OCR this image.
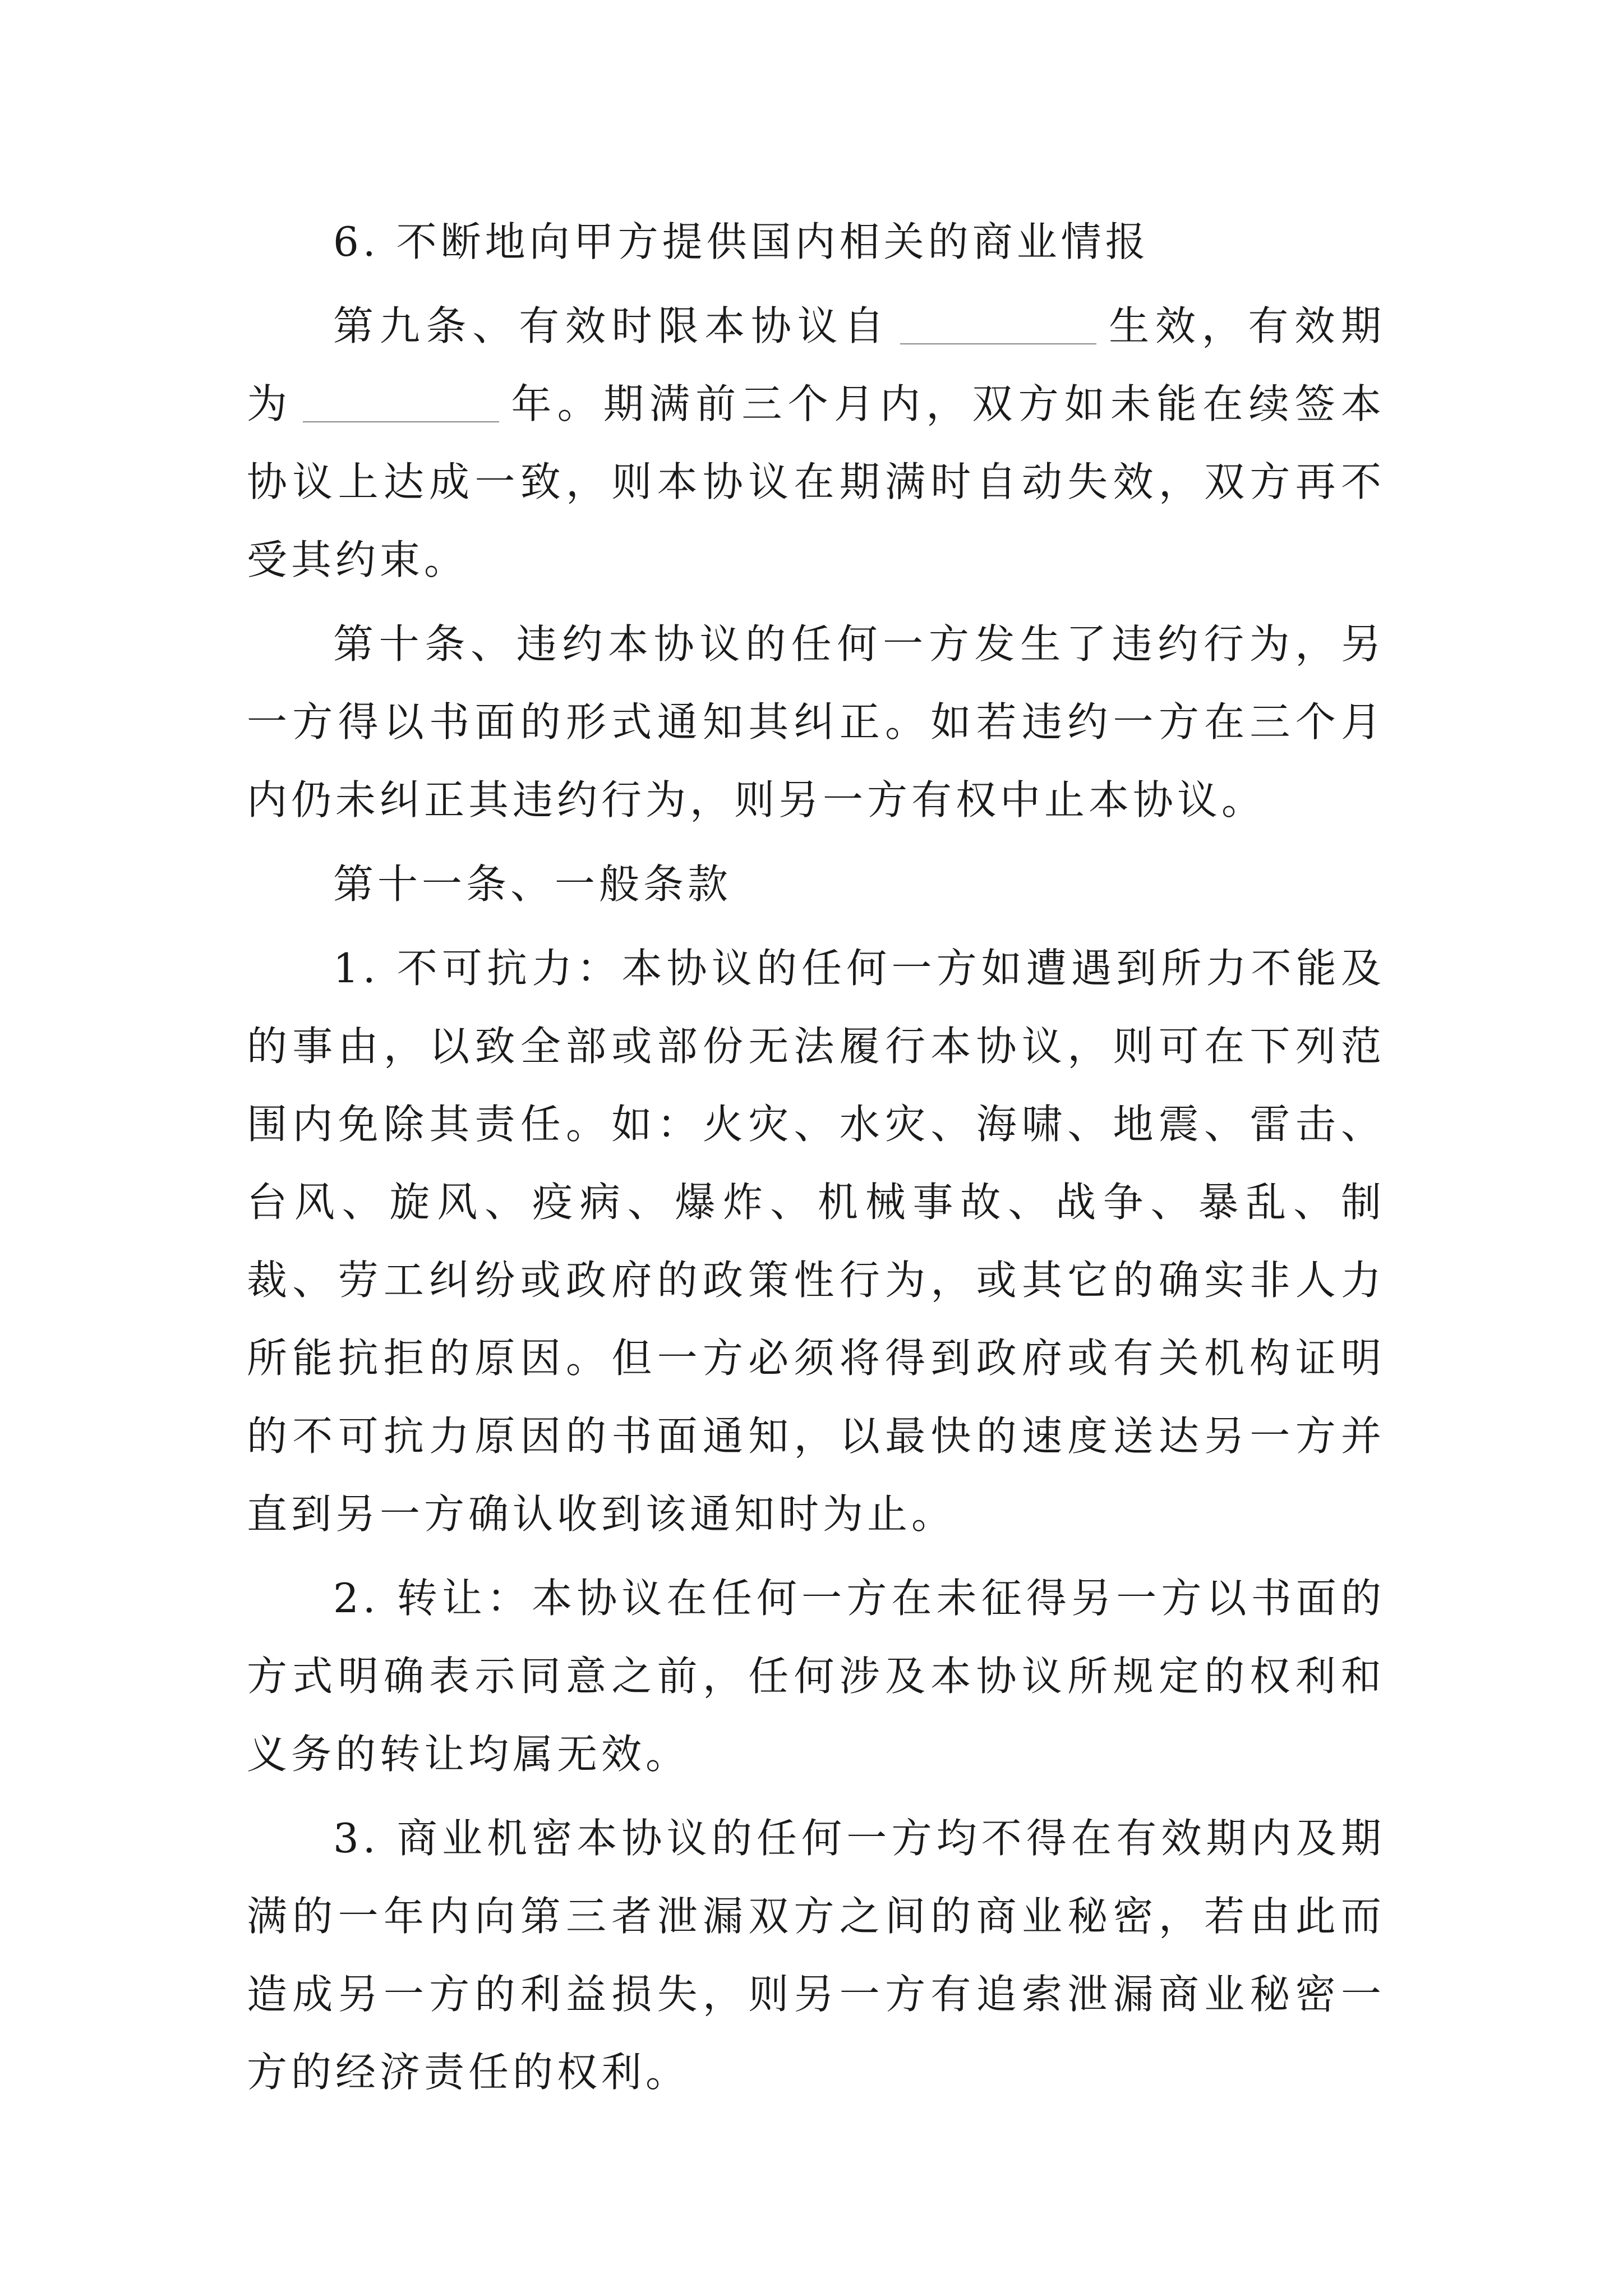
6. 不断地向甲方提供国内相关的商业情报

第九条、有效时限本协议自	生效，有效期为	年。期满前三个月内，双方如未能在续签本协议上达成一致，则本协议在期满时自动失效，双方再不受其约束。

第十条、违约本协议的任何一方发生了违约行为，另一方得以书面的形式通知其纠正。如若违约一方在三个月内仍未纠正其违约行为，则另一方有权中止本协议。

第十一条、一般条款

1. 不可抗力：本协议的任何一方如遭遇到所力不能及的事由，以致全部或部份无法履行本协议，则可在下列范围内免除其责任。如：火灾、水灾、海啸、地震、雷击、台风、旋风、疫病、爆炸、机械事故、战争、暴乱、制裁、劳工纠纷或政府的政策性行为，或其它的确实非人力所能抗拒的原因。但一方必须将得到政府或有关机构证明的不可抗力原因的书面通知，以最快的速度送达另一方并直到另一方确认收到该通知时为止。

2. 转让：本协议在任何一方在未征得另一方以书面的方式明确表示同意之前，任何涉及本协议所规定的权利和义务的转让均属无效。

3. 商业机密本协议的任何一方均不得在有效期内及期满的一年内向第三者泄漏双方之间的商业秘密，若由此而造成另一方的利益损失，则另一方有追索泄漏商业秘密一方的经济责任的权利。
